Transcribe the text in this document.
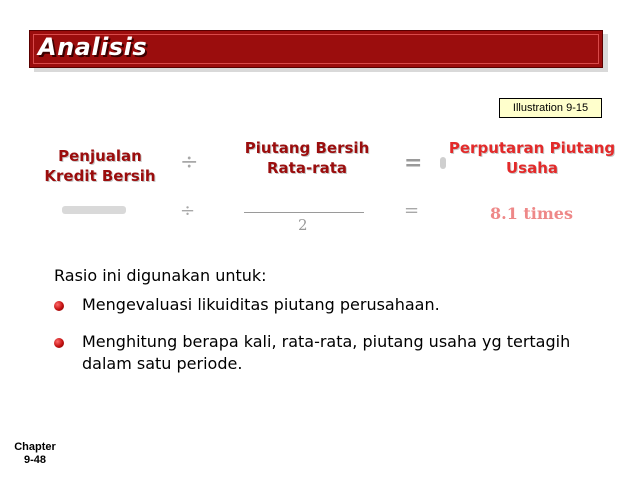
Analisis
Illustration 9-15
Penjualan
Kredit Bersih
÷
Piutang Bersih
Rata-rata	=
Perputaran Piutang
Usaha
÷
2
=	8.1 times
Rasio ini digunakan untuk:
Mengevaluasi likuiditas piutang perusahaan.
Menghitung berapa kali, rata-rata, piutang usaha yg tertagih dalam satu periode.
Chapter
9-48
